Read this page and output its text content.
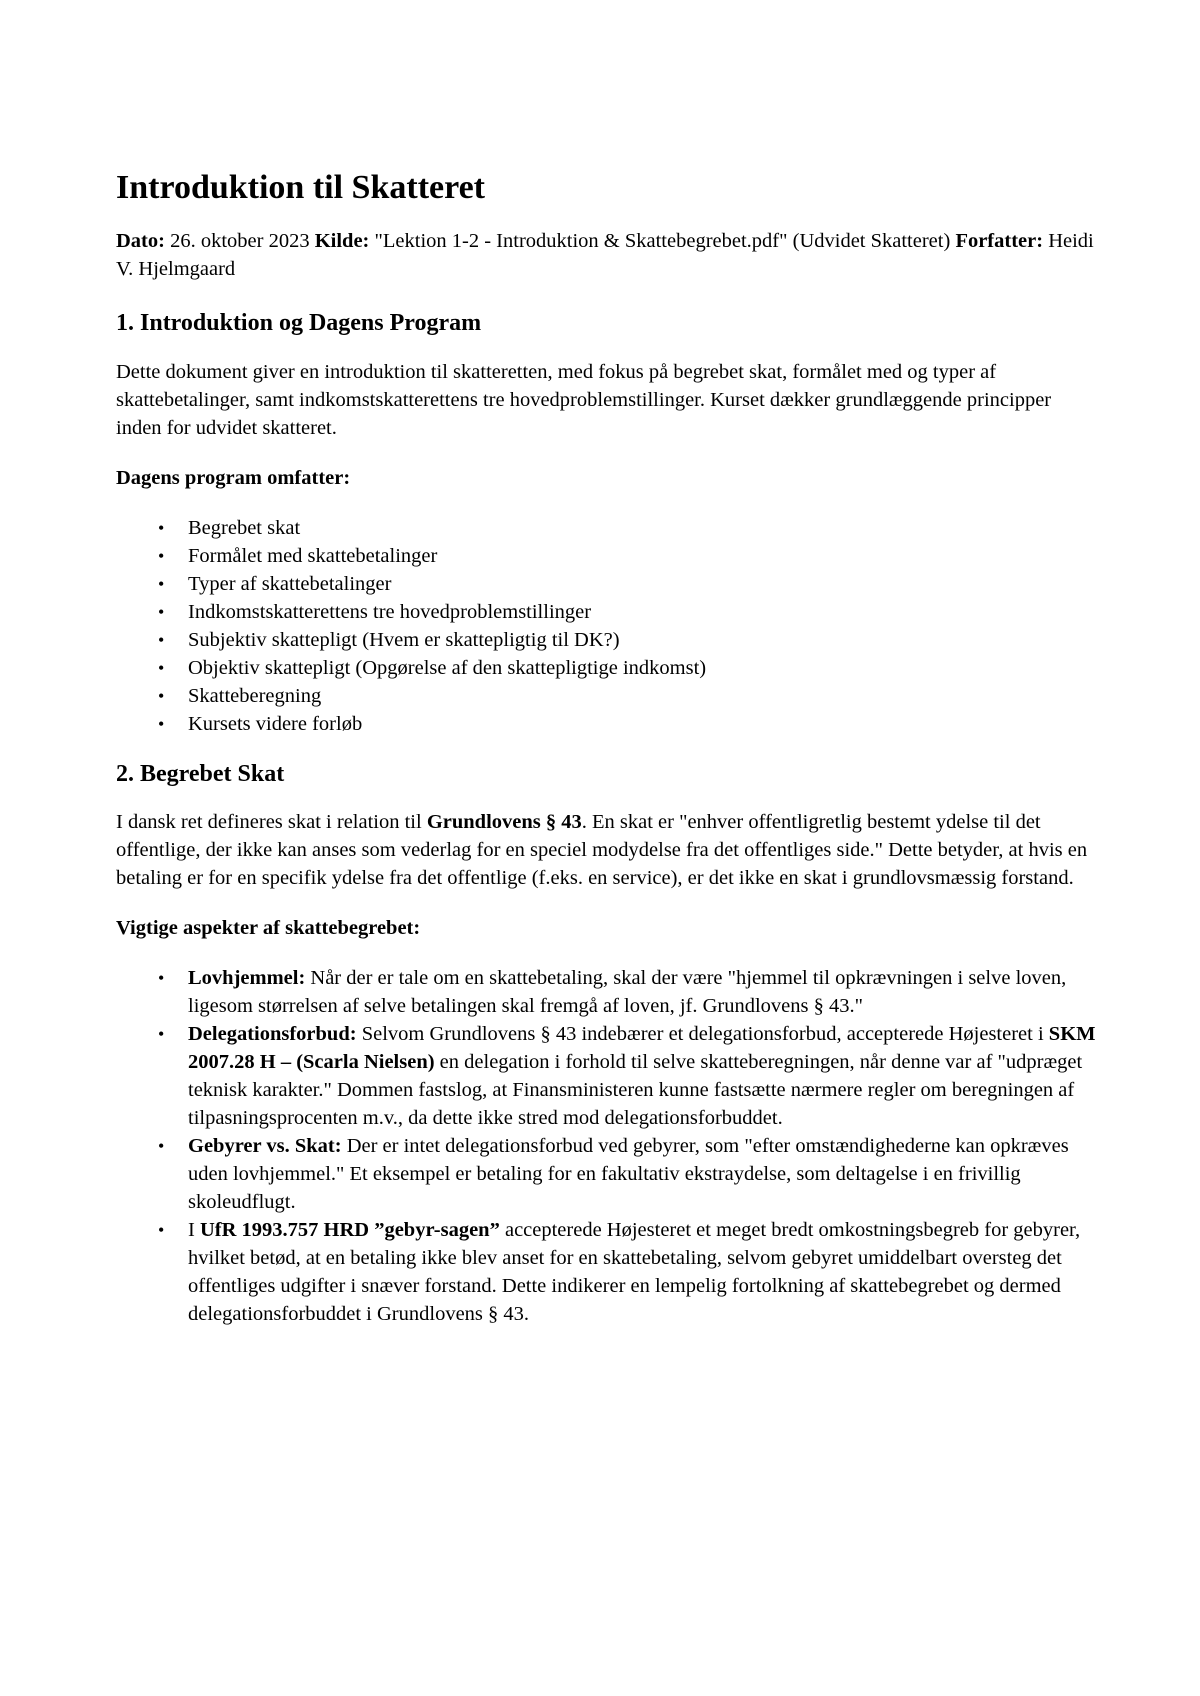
Introduktion til Skatteret

Dato: 26. oktober 2023 Kilde: "Lektion 1-2 - Introduktion & Skattebegrebet.pdf" (Udvidet Skatteret) Forfatter: Heidi V. Hjelmgaard

1. Introduktion og Dagens Program

Dette dokument giver en introduktion til skatteretten, med fokus på begrebet skat, formålet med og typer af skattebetalinger, samt indkomstskatterettens tre hovedproblemstillinger. Kurset dækker grundlæggende principper inden for udvidet skatteret.

Dagens program omfatter:

• Begrebet skat
• Formålet med skattebetalinger
• Typer af skattebetalinger
• Indkomstskatterettens tre hovedproblemstillinger
• Subjektiv skattepligt (Hvem er skattepligtig til DK?)
• Objektiv skattepligt (Opgørelse af den skattepligtige indkomst)
• Skatteberegning
• Kursets videre forløb
2. Begrebet Skat

I dansk ret defineres skat i relation til Grundlovens § 43. En skat er "enhver offentligretlig bestemt ydelse til det offentlige, der ikke kan anses som vederlag for en speciel modydelse fra det offentliges side." Dette betyder, at hvis en betaling er for en specifik ydelse fra det offentlige (f.eks. en service), er det ikke en skat i grundlovsmæssig forstand.

Vigtige aspekter af skattebegrebet:

• Lovhjemmel: Når der er tale om en skattebetaling, skal der være "hjemmel til opkrævningen i selve loven, ligesom størrelsen af selve betalingen skal fremgå af loven, jf. Grundlovens § 43."
• Delegationsforbud: Selvom Grundlovens § 43 indebærer et delegationsforbud, accepterede Højesteret i SKM 2007.28 H – (Scarla Nielsen) en delegation i forhold til selve skatteberegningen, når denne var af "udpræget teknisk karakter." Dommen fastslog, at Finansministeren kunne fastsætte nærmere regler om beregningen af tilpasningsprocenten m.v., da dette ikke stred mod delegationsforbuddet.
• Gebyrer vs. Skat: Der er intet delegationsforbud ved gebyrer, som "efter omstændighederne kan opkræves uden lovhjemmel." Et eksempel er betaling for en fakultativ ekstraydelse, som deltagelse i en frivillig skoleudflugt.
• I UfR 1993.757 HRD ”gebyr-sagen” accepterede Højesteret et meget bredt omkostningsbegreb for gebyrer, hvilket betød, at en betaling ikke blev anset for en skattebetaling, selvom gebyret umiddelbart oversteg det offentliges udgifter i snæver forstand. Dette indikerer en lempelig fortolkning af skattebegrebet og dermed delegationsforbuddet i Grundlovens § 43.
